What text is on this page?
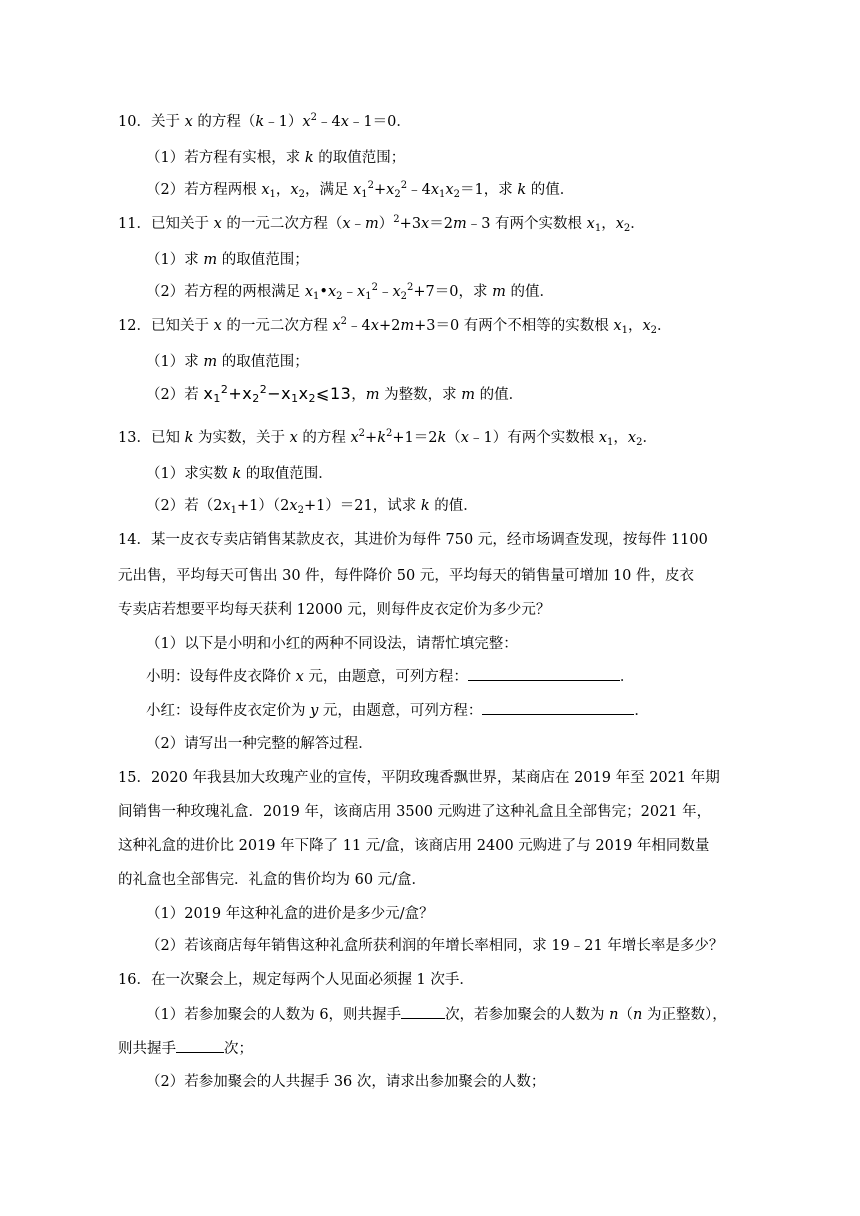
10．关于 x 的方程$(k﹣1)x^2﹣4x﹣1=0$．
（1）若方程有实根，求 k 的取值范围；
（2）若方程两根 $x_1$，$x_2$，满足 $x_1^2+x_2^2﹣4x_1x_2=1$，求 k 的值．
11．已知关于 x 的一元二次方程（x﹣m）$^2$+3x＝2m﹣3 有两个实数根 $x_1$，$x_2$．
（1）求 m 的取值范围；
（2）若方程的两根满足 $x_1•x_2﹣x_1^2﹣x_2^2+7=0$，求 m 的值．
12．已知关于 x 的一元二次方程 $x^2﹣4x+2m+3=0$ 有两个不相等的实数根 $x_1$，$x_2$．
（1）求 m 的取值范围；
（2）若 $x_1^2+x_2^2-x_1x_2⩽13$，m 为整数，求 m 的值．
13．已知 k 为实数，关于 x 的方程 $x^2+k^2+1=2k(x﹣1)$有两个实数根 $x_1$，$x_2$．
（1）求实数 k 的取值范围．
（2）若$(2x_1+1)(2x_2+1)=21$，试求 k 的值．
14．某一皮衣专卖店销售某款皮衣，其进价为每件 750 元，经市场调查发现，按每件 1100
元出售，平均每天可售出 30 件，每件降价 50 元，平均每天的销售量可增加 10 件，皮衣
专卖店若想要平均每天获利 12000 元，则每件皮衣定价为多少元？
（1）以下是小明和小红的两种不同设法，请帮忙填完整：
小明：设每件皮衣降价 x 元，由题意，可列方程：	．
小红：设每件皮衣定价为 y 元，由题意，可列方程：	．
（2）请写出一种完整的解答过程．
15．2020 年我县加大玫瑰产业的宣传，平阴玫瑰香飘世界，某商店在 2019 年至 2021 年期
间销售一种玫瑰礼盒．2019 年，该商店用 3500 元购进了这种礼盒且全部售完；2021 年，
这种礼盒的进价比 2019 年下降了 11 元/盒，该商店用 2400 元购进了与 2019 年相同数量
的礼盒也全部售完．礼盒的售价均为 60 元/盒．
（1）2019 年这种礼盒的进价是多少元/盒？
（2）若该商店每年销售这种礼盒所获利润的年增长率相同，求 19﹣21 年增长率是多少？
16．在一次聚会上，规定每两个人见面必须握 1 次手．
（1）若参加聚会的人数为 6，则共握手	次，若参加聚会的人数为 n（n 为正整数），
则共握手	次；
（2）若参加聚会的人共握手 36 次，请求出参加聚会的人数；
